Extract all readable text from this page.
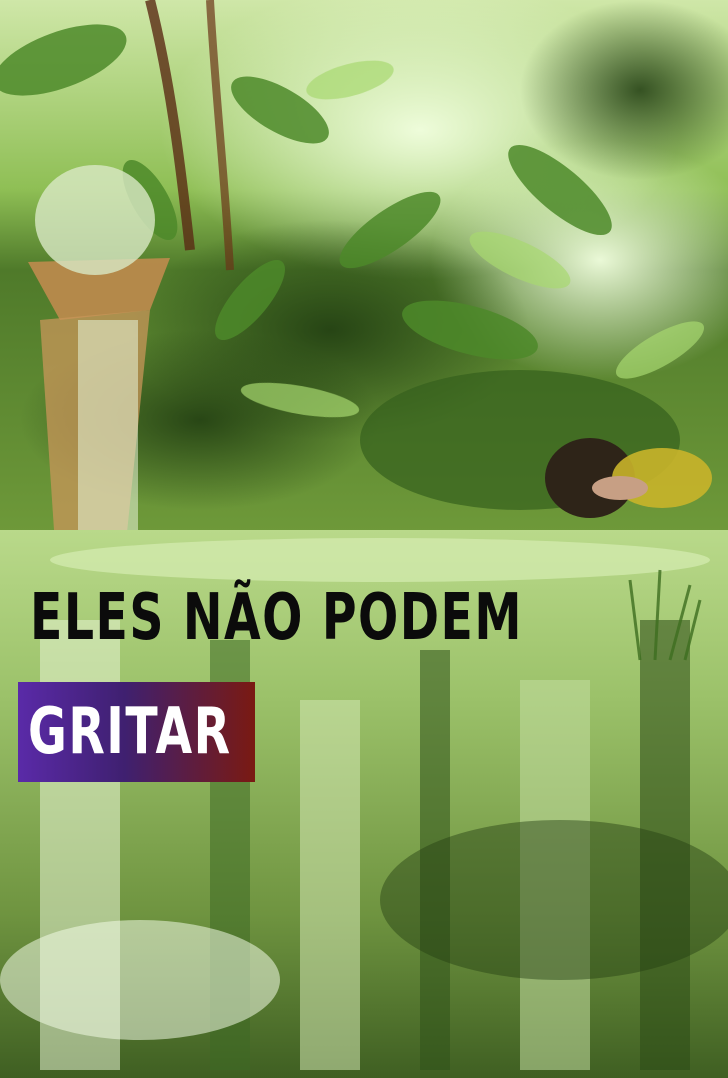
ELES NÃO PODEM
GRITAR
